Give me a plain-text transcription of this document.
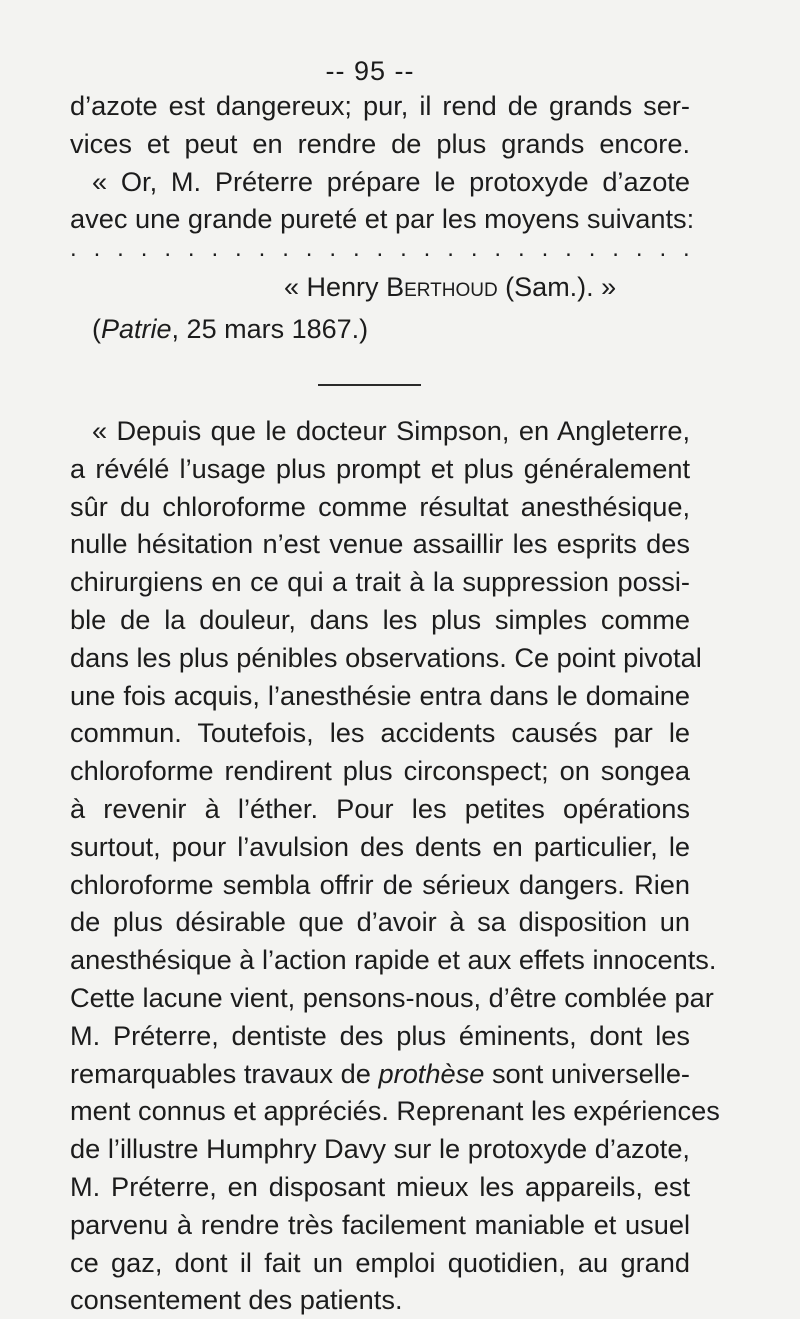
-- 95 --
d’azote est dangereux; pur, il rend de grands ser-
vices et peut en rendre de plus grands encore.
« Or, M. Préterre prépare le protoxyde d’azote
avec une grande pureté et par les moyens suivants:
. . . . . . . . . . . . . . . . . . . . . . . . . . .
« Henry Berthoud (Sam.). »
(Patrie, 25 mars 1867.)
« Depuis que le docteur Simpson, en Angleterre,
a révélé l’usage plus prompt et plus généralement
sûr du chloroforme comme résultat anesthésique,
nulle hésitation n’est venue assaillir les esprits des
chirurgiens en ce qui a trait à la suppression possi-
ble de la douleur, dans les plus simples comme
dans les plus pénibles observations. Ce point pivotal
une fois acquis, l’anesthésie entra dans le domaine
commun. Toutefois, les accidents causés par le
chloroforme rendirent plus circonspect; on songea
à revenir à l’éther. Pour les petites opérations
surtout, pour l’avulsion des dents en particulier, le
chloroforme sembla offrir de sérieux dangers. Rien
de plus désirable que d’avoir à sa disposition un
anesthésique à l’action rapide et aux effets innocents.
Cette lacune vient, pensons-nous, d’être comblée par
M. Préterre, dentiste des plus éminents, dont les
remarquables travaux de prothèse sont universelle-
ment connus et appréciés. Reprenant les expériences
de l’illustre Humphry Davy sur le protoxyde d’azote,
M. Préterre, en disposant mieux les appareils, est
parvenu à rendre très facilement maniable et usuel
ce gaz, dont il fait un emploi quotidien, au grand
consentement des patients.
